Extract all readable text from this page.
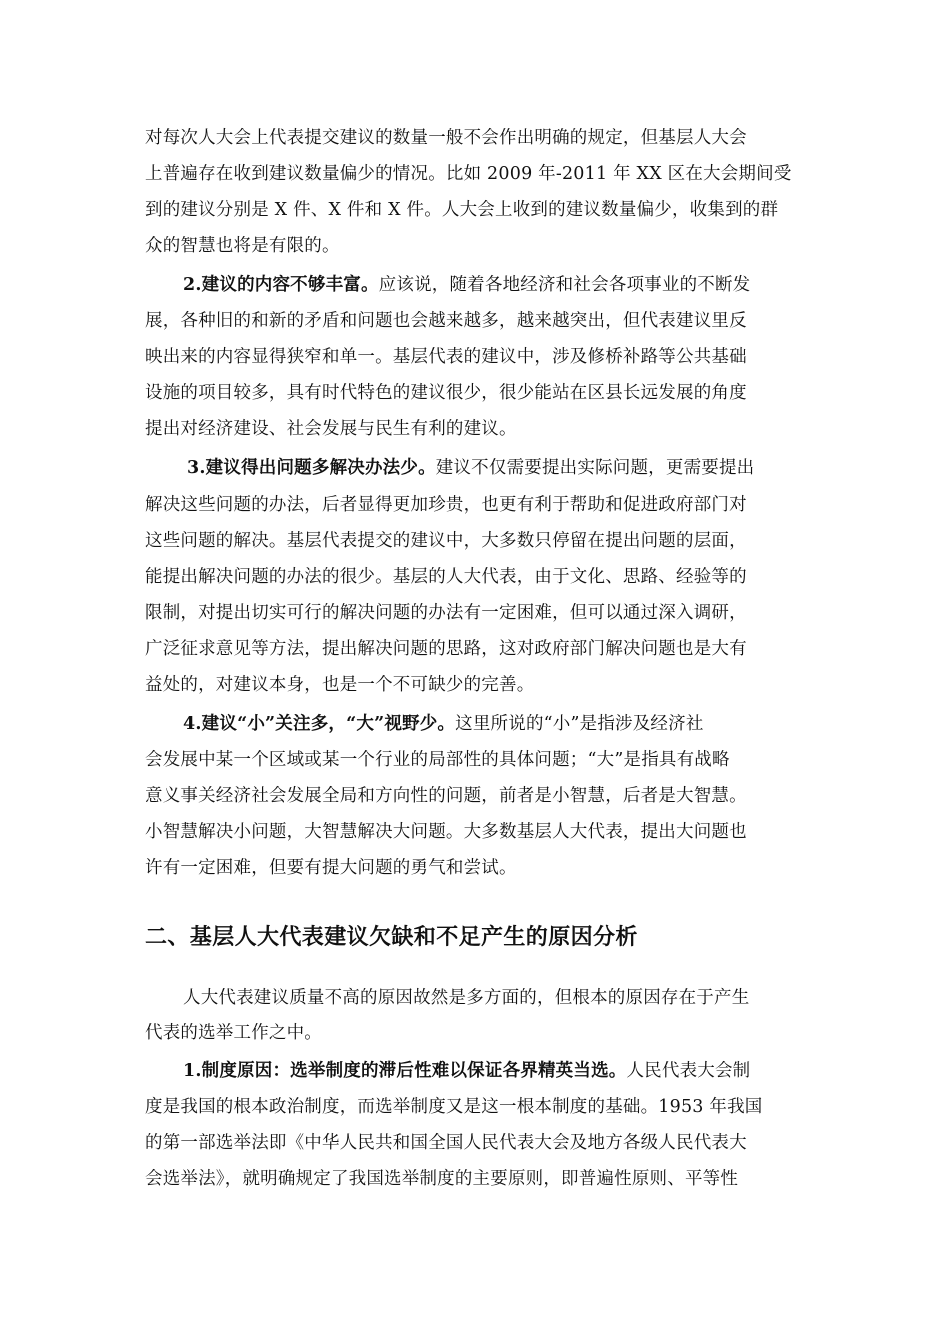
对每次人大会上代表提交建议的数量一般不会作出明确的规定，但基层人大会
上普遍存在收到建议数量偏少的情况。比如 2009 年-2011 年 XX 区在大会期间受
到的建议分别是 X 件、X 件和 X 件。人大会上收到的建议数量偏少，收集到的群
众的智慧也将是有限的。
2.建议的内容不够丰富。应该说，随着各地经济和社会各项事业的不断发
展，各种旧的和新的矛盾和问题也会越来越多，越来越突出，但代表建议里反
映出来的内容显得狭窄和单一。基层代表的建议中，涉及修桥补路等公共基础
设施的项目较多，具有时代特色的建议很少，很少能站在区县长远发展的角度
提出对经济建设、社会发展与民生有利的建议。
3.建议得出问题多解决办法少。建议不仅需要提出实际问题，更需要提出
解决这些问题的办法，后者显得更加珍贵，也更有利于帮助和促进政府部门对
这些问题的解决。基层代表提交的建议中，大多数只停留在提出问题的层面，
能提出解决问题的办法的很少。基层的人大代表，由于文化、思路、经验等的
限制，对提出切实可行的解决问题的办法有一定困难，但可以通过深入调研，
广泛征求意见等方法，提出解决问题的思路，这对政府部门解决问题也是大有
益处的，对建议本身，也是一个不可缺少的完善。
4.建议“小”关注多，“大”视野少。这里所说的“小”是指涉及经济社
会发展中某一个区域或某一个行业的局部性的具体问题；“大”是指具有战略
意义事关经济社会发展全局和方向性的问题，前者是小智慧，后者是大智慧。
小智慧解决小问题，大智慧解决大问题。大多数基层人大代表，提出大问题也
许有一定困难，但要有提大问题的勇气和尝试。
二、基层人大代表建议欠缺和不足产生的原因分析
人大代表建议质量不高的原因故然是多方面的，但根本的原因存在于产生
代表的选举工作之中。
1.制度原因：选举制度的滞后性难以保证各界精英当选。人民代表大会制
度是我国的根本政治制度，而选举制度又是这一根本制度的基础。1953 年我国
的第一部选举法即《中华人民共和国全国人民代表大会及地方各级人民代表大
会选举法》，就明确规定了我国选举制度的主要原则，即普遍性原则、平等性
